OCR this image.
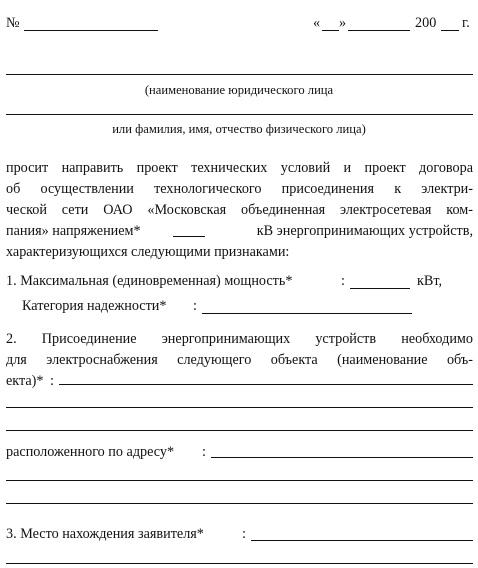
№	« »	200 г.
(наименование юридического лица
или фамилия, имя, отчество физического лица)
просит направить проект технических условий и проект договора
об осуществлении технологического присоединения к электри-
ческой сети ОАО «Московская объединенная электросетевая ком-
пания» напряжением*	кВ энергопринимающих устройств,
характеризующихся следующими признаками:
1. Максимальная (единовременная) мощность*	:	кВт,
Категория надежности* :
2. Присоединение энергопринимающих устройств необходимо
для электроснабжения следующего объекта (наименование объ-
екта)* :
расположенного по адресу* :
3. Место нахождения заявителя*	:
